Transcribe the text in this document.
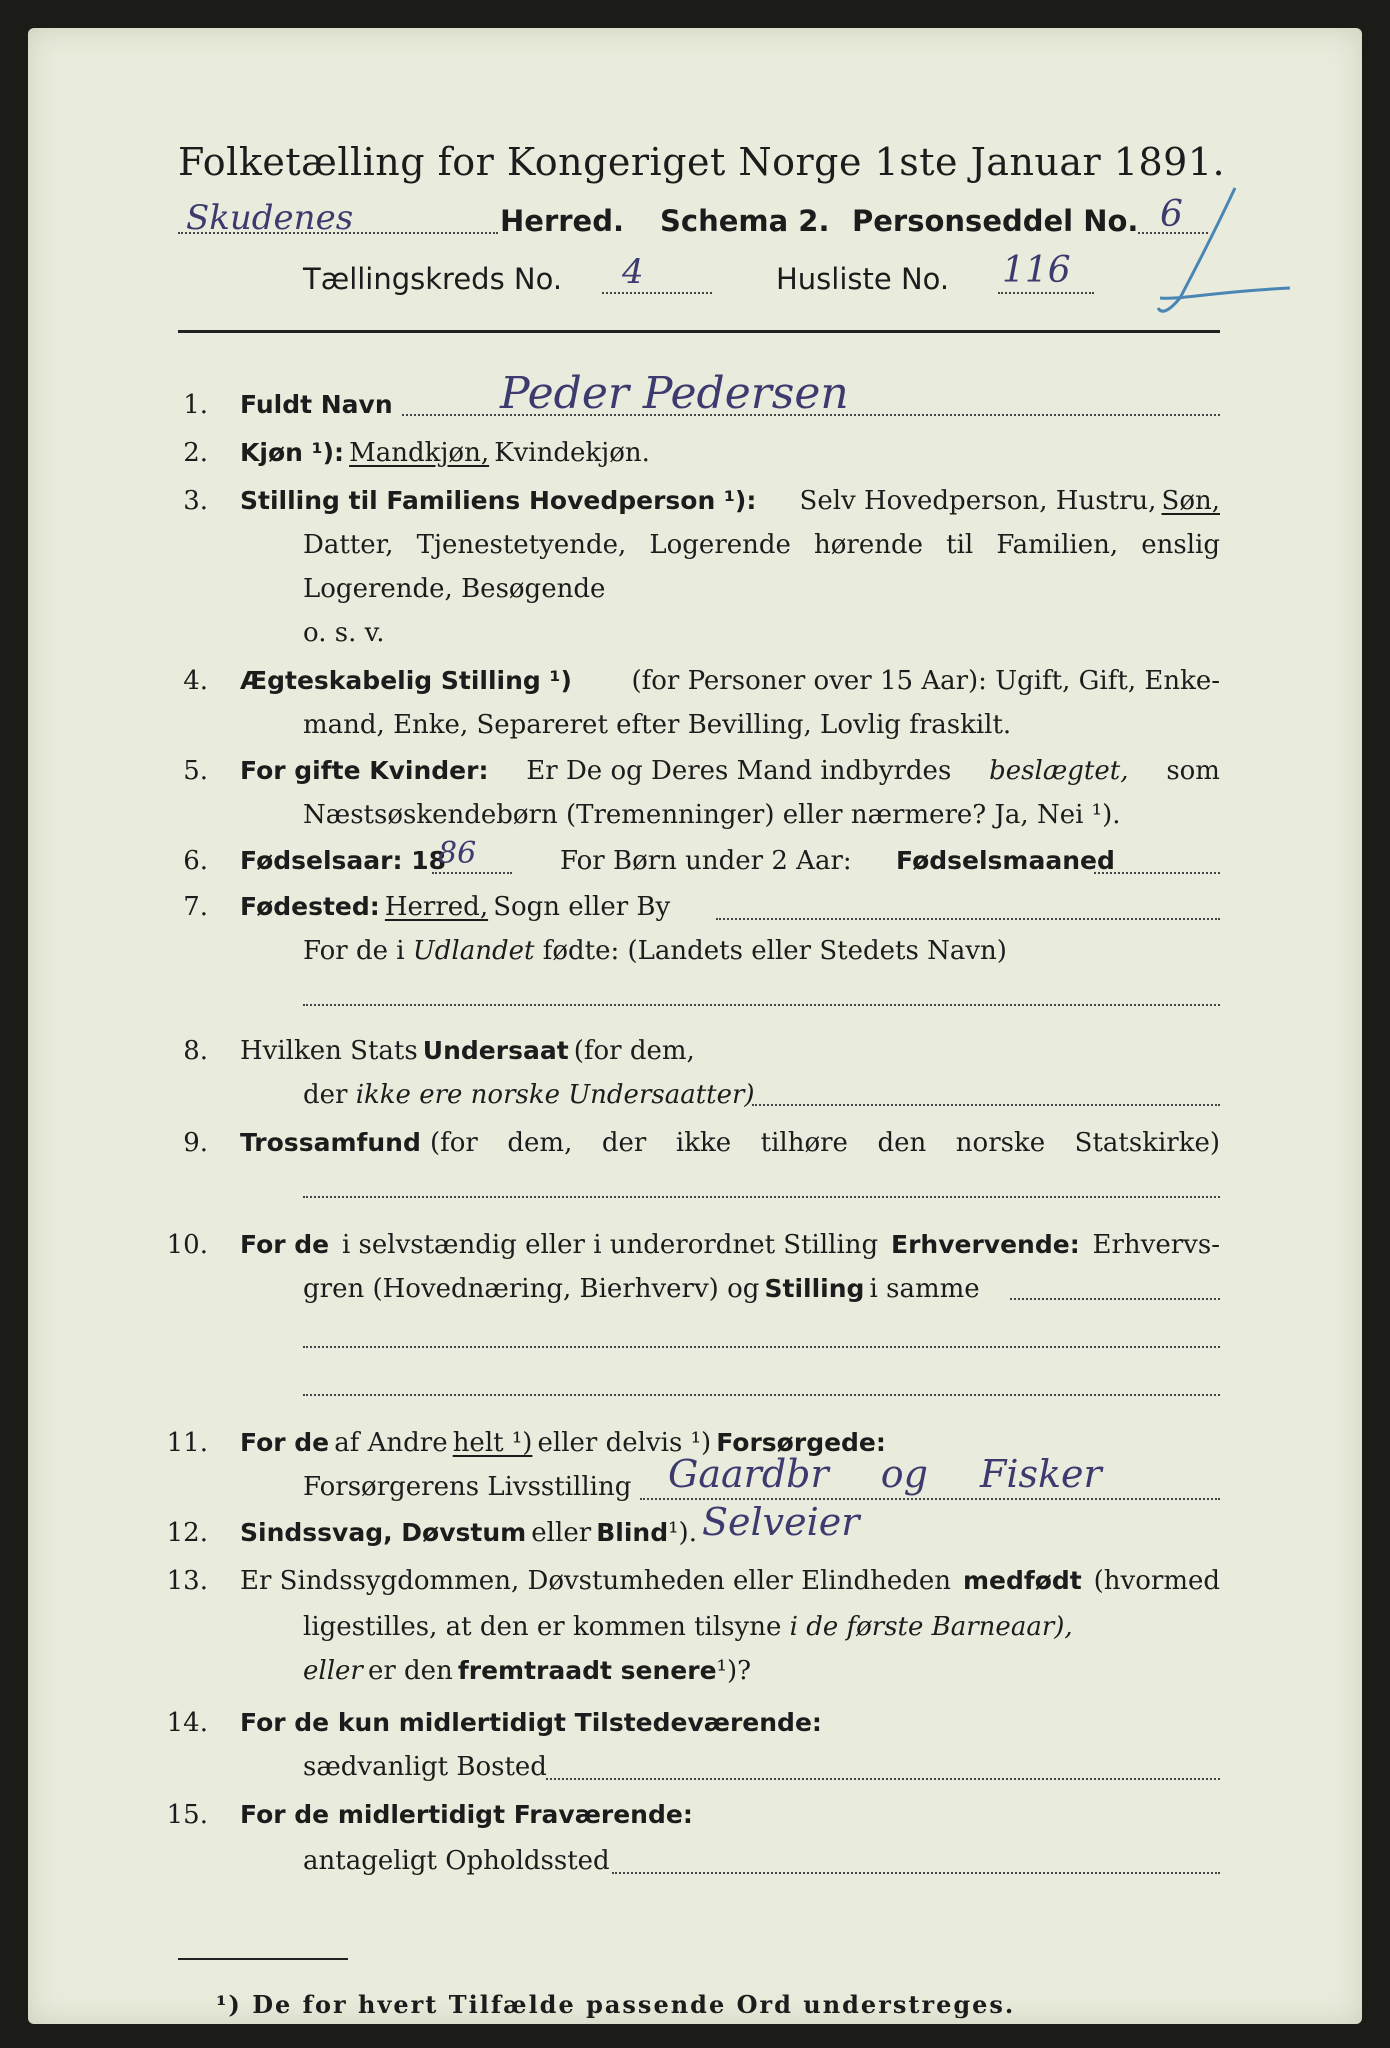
Folketælling for Kongeriget Norge 1ste Januar 1891.
Skudenes	Herred. Schema 2. Personseddel No. 6
Tællingskreds No. 4	Husliste No. 116
1. Fuldt Navn Peder Pedersen
2. Kjøn ¹): Mandkjøn, Kvindekjøn.
3. Stilling til Familiens Hovedperson ¹): Selv Hovedperson, Hustru, Søn,
Datter, Tjenestetyende, Logerende hørende til Familien, enslig
Logerende, Besøgende
o. s. v.
4. Ægteskabelig Stilling ¹) (for Personer over 15 Aar): Ugift, Gift, Enke-
mand, Enke, Separeret efter Bevilling, Lovlig fraskilt.
5. For gifte Kvinder: Er De og Deres Mand indbyrdes beslægtet, som
Næstsøskendebørn (Tremenninger) eller nærmere? Ja, Nei ¹).
6. Fødselsaar: 18
86	For Børn under 2 Aar: Fødselsmaaned
7. Fødested: Herred, Sogn eller By
For de i Udlandet fødte: (Landets eller Stedets Navn)
8. Hvilken Stats Undersaat (for dem,
der ikke ere norske Undersaatter)
9. Trossamfund (for dem, der ikke tilhøre den norske Statskirke)
10. For de i selvstændig eller i underordnet Stilling Erhvervende: Erhvervs-
gren (Hovednæring, Bierhverv) og Stilling i samme
11. For de af Andre helt ¹) eller delvis ¹) Forsørgede:
Forsørgerens Livsstilling Gaardbr og Fisker
12. Sindssvag, Døvstum eller Blind¹). Selveier
13. Er Sindssygdommen, Døvstumheden eller Elindheden medfødt (hvormed
ligestilles, at den er kommen tilsyne i de første Barneaar),
eller er den fremtraadt senere¹)?
14. For de kun midlertidigt Tilstedeværende:
sædvanligt Bosted
15. For de midlertidigt Fraværende:
antageligt Opholdssted
¹) De for hvert Tilfælde passende Ord understreges.
